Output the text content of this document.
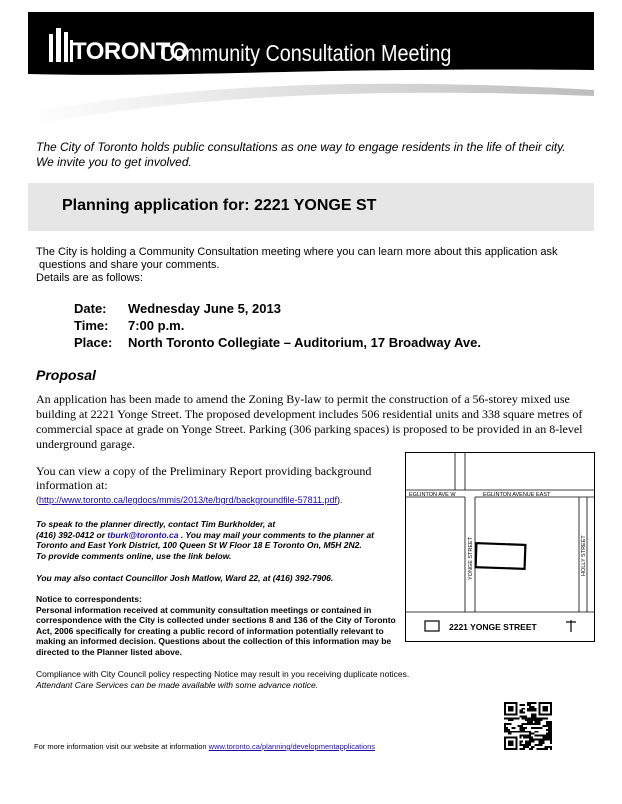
TORONTO
Community Consultation Meeting
The City of Toronto holds public consultations as one way to engage residents in the life of their city.
We invite you to get involved.
Planning application for: 2221 YONGE ST
The City is holding a Community Consultation meeting where you can learn more about this application ask
questions and share your comments.
Details are as follows:
Date:	Wednesday June 5, 2013
Time:	7:00 p.m.
Place:	North Toronto Collegiate – Auditorium, 17 Broadway Ave.
Proposal
An application has been made to amend the Zoning By-law to permit the construction of a 56-storey mixed use building at 2221 Yonge Street. The proposed development includes 506 residential units and 338 square metres of commercial space at grade on Yonge Street. Parking (306 parking spaces) is proposed to be provided in an 8-level underground garage.
You can view a copy of the Preliminary Report providing background information at:
(http://www.toronto.ca/legdocs/mmis/2013/te/bgrd/backgroundfile-57811.pdf).
To speak to the planner directly, contact Tim Burkholder, at
(416) 392-0412 or tburk@toronto.ca . You may mail your comments to the planner at
Toronto and East York District, 100 Queen St W Floor 18 E Toronto On, M5H 2N2.
To provide comments online, use the link below.
You may also contact Councillor Josh Matlow, Ward 22, at (416) 392-7906.
Notice to correspondents:
Personal information received at community consultation meetings or contained in correspondence with the City is collected under sections 8 and 136 of the City of Toronto Act, 2006 specifically for creating a public record of information potentially relevant to making an informed decision. Questions about the collection of this information may be directed to the Planner listed above.
Compliance with City Council policy respecting Notice may result in you receiving duplicate notices.
Attendant Care Services can be made available with some advance notice.
For more information visit our website at information www.toronto.ca/planning/developmentapplications
EGLINTON AVE W	EGLINTON AVENUE EAST
YONGE STREET	HOLLY STREET
2221 YONGE STREET
